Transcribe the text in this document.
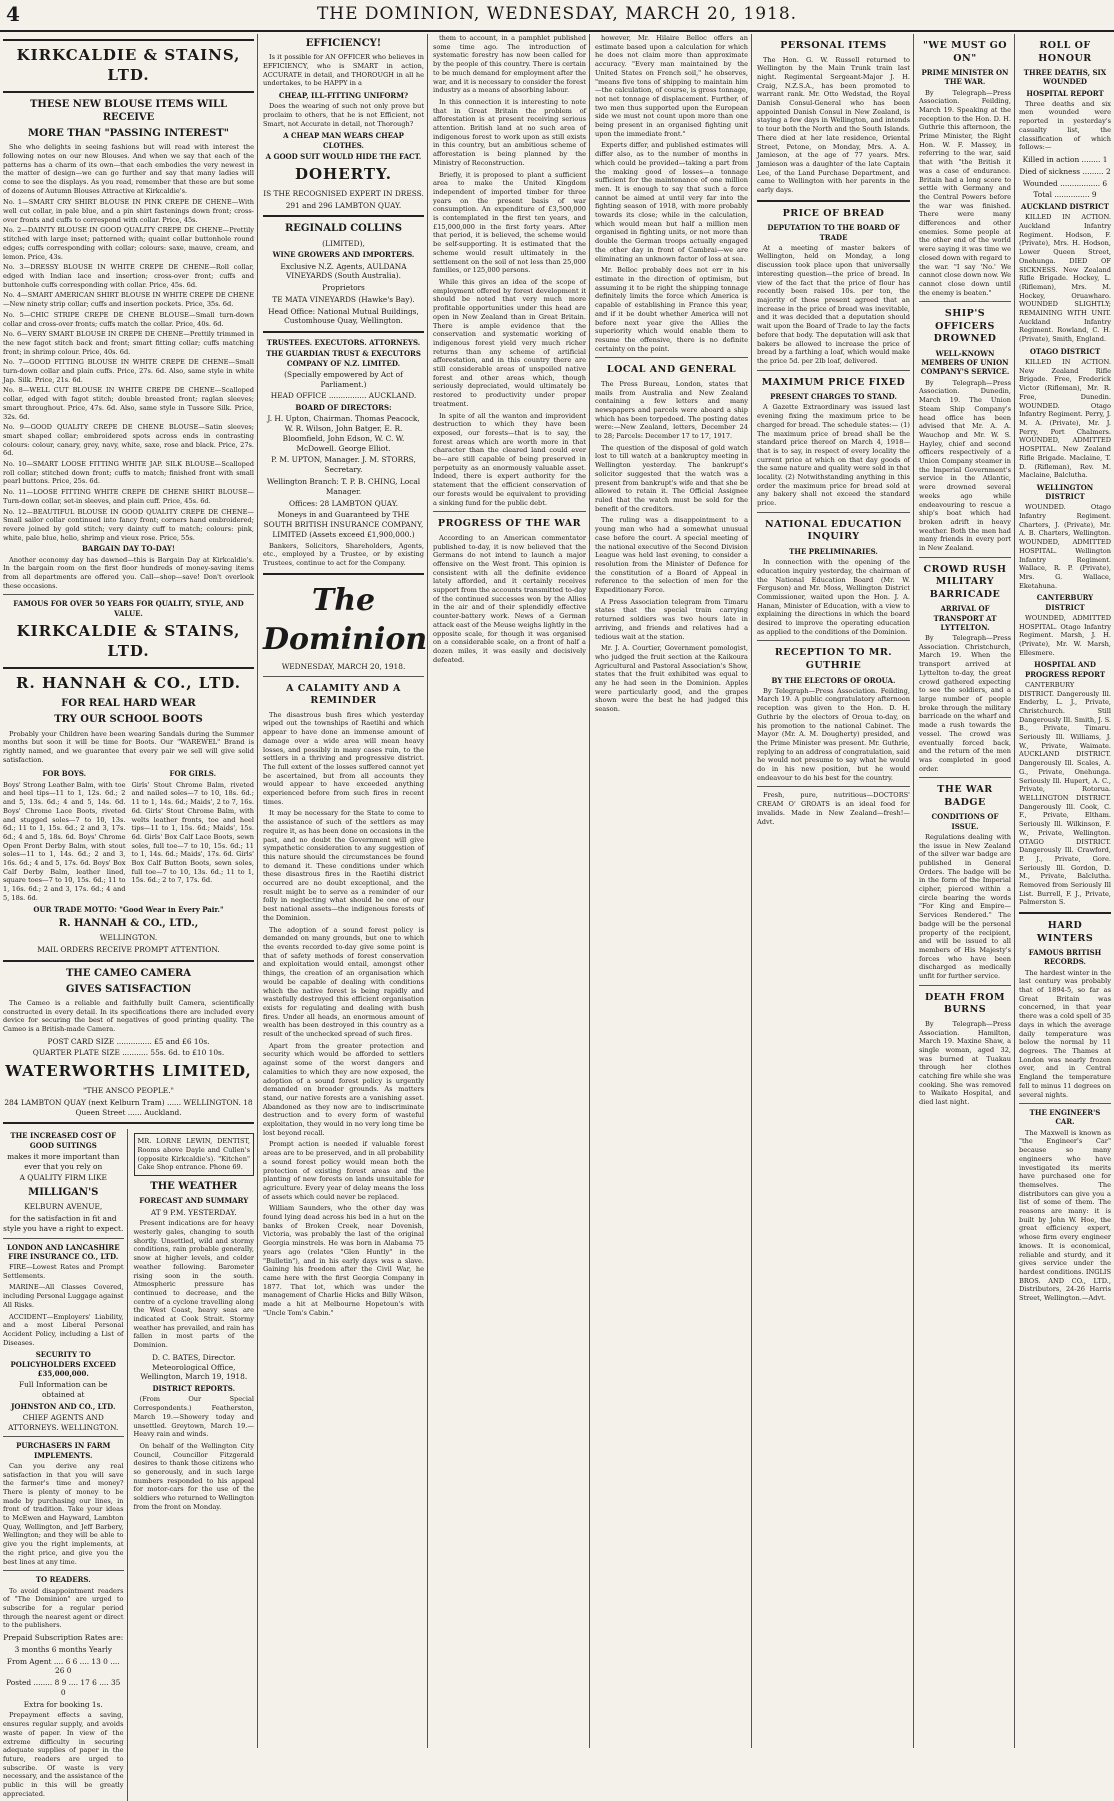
4	THE DOMINION, WEDNESDAY, MARCH 20, 1918.
KIRKCALDIE & STAINS, LTD.
THESE NEW BLOUSE ITEMS WILL RECEIVE
MORE THAN "PASSING INTEREST"

She who delights in seeing fashions but will read with interest the following notes on our new Blouses. And when we say that each of the patterns has a charm of its own—that each embodies the very newest in the matter of design—we can go further and say that many ladies will come to see the displays. As you read, remember that these are but some of dozens of Autumn Blouses Attractive at Kirkcaldie's.

No. 1—SMART CRY SHIRT BLOUSE IN PINK CREPE DE CHENE—With well cut collar, in pale blue, and a pin shirt fastenings down front; cross-over fronts and cuffs to correspond with collar. Price, 45s.
No. 2—DAINTY BLOUSE IN GOOD QUALITY CREPE DE CHENE—Prettily stitched with large inset; patterned with; quaint collar buttonhole round edges; cuffs corresponding with collar; colours: saxe, mauve, cream, and lemon. Price, 43s.
No. 3—DRESSY BLOUSE IN WHITE CREPE DE CHENE—Roll collar, edged with Indian lace and insertion; cross-over front; cuffs and buttonhole cuffs corresponding with collar. Price, 45s. 6d.
No. 4—SMART AMERICAN SHIRT BLOUSE IN WHITE CREPE DE CHENE—New ninety strip collar; cuffs and insertion pockets. Price, 35s. 6d.
No. 5—CHIC STRIPE CREPE DE CHENE BLOUSE—Small turn-down collar and cross-over fronts; cuffs match the collar. Price, 40s. 6d.
No. 6—VERY SMART BLOUSE IN CREPE DE CHENE—Prettily trimmed in the new fagot stitch back and front; smart fitting collar; cuffs matching front; in shrimp colour. Price, 40s. 6d.
No. 7—GOOD FITTING BLOUSE IN WHITE CREPE DE CHENE—Small turn-down collar and plain cuffs. Price, 27s. 6d. Also, same style in white Jap. Silk. Price, 21s. 6d.
No. 8—WELL CUT BLOUSE IN WHITE CREPE DE CHENE—Scalloped collar, edged with fagot stitch; double breasted front; raglan sleeves; smart throughout. Price, 47s. 6d. Also, same style in Tussore Silk. Price, 32s. 6d.
No. 9—GOOD QUALITY CREPE DE CHENE BLOUSE—Satin sleeves; smart shaped collar; embroidered spots across ends in contrasting colours: colour, canary, grey, navy, white, saxe, rose and black. Price, 27s. 6d.
No. 10—SMART LOOSE FITTING WHITE JAP. SILK BLOUSE—Scalloped roll collar; stitched down front; cuffs to match; finished front with small pearl buttons. Price, 25s. 6d.
No. 11—LOOSE FITTING WHITE CREPE DE CHENE SHIRT BLOUSE—Turn-down collar, set-in sleeves, and plain cuff. Price, 45s. 6d.
No. 12—BEAUTIFUL BLOUSE IN GOOD QUALITY CREPE DE CHENE—Small sailor collar continued into fancy front; corners hand embroidered; revere joined by gold stitch; very dainty cuff to match; colours: pink, white, pale blue, helio, shrimp and vieux rose. Price, 55s.
BARGAIN DAY TO-DAY!

Another economy day has dawned—this is Bargain Day at Kirkcaldie's. In the bargain room on the first floor hundreds of money-saving items from all departments are offered you. Call—shop—save! Don't overlook these occasions.

FAMOUS FOR OVER 50 YEARS FOR QUALITY, STYLE, AND VALUE.
KIRKCALDIE & STAINS, LTD.
R. HANNAH & CO., LTD.
FOR REAL HARD WEAR
TRY OUR SCHOOL BOOTS

Probably your Children have been wearing Sandals during the Summer months but soon it will be time for Boots. Our "WAREWEL" Brand is rightly named, and we guarantee that every pair we sell will give solid satisfaction.

FOR BOYS.
Boys' Strong Leather Balm, with toe and heel tips—11 to 1, 12s. 6d.; 2 and 5, 13s. 6d.; 4 and 5, 14s. 6d. Boys' Chrome Lace Boots, riveted and stugged soles—7 to 10, 13s. 6d.; 11 to 1, 15s. 6d.; 2 and 3, 17s. 6d.; 4 and 5, 18s. 6d. Boys' Chrome Open Front Derby Balm, with stout soles—11 to 1, 14s. 6d.; 2 and 3, 16s. 6d.; 4 and 5, 17s. 6d. Boys' Box Calf Derby Balm, leather lined, square toes—7 to 10, 15s. 6d.; 11 to 1, 16s. 6d.; 2 and 3, 17s. 6d.; 4 and 5, 18s. 6d.
FOR GIRLS.
Girls' Stout Chrome Balm, riveted and nailed soles—7 to 10, 18s. 6d.; 11 to 1, 14s. 6d.; Maids', 2 to 7, 16s. 6d. Girls' Stout Chrome Balm, with welts leather fronts, toe and heel tips—11 to 1, 15s. 6d.; Maids', 15s. 6d. Girls' Box Calf Lace Boots, sewn soles, full toe—7 to 10, 15s. 6d.; 11 to 1, 14s. 6d.; Maids', 17s. 6d. Girls' Box Calf Button Boots, sewn soles, full toe—7 to 10, 13s. 6d.; 11 to 1, 15s. 6d.; 2 to 7, 17s. 6d.
OUR TRADE MOTTO: "Good Wear in Every Pair."
R. HANNAH & CO., LTD.,
WELLINGTON.
MAIL ORDERS RECEIVE PROMPT ATTENTION.
THE CAMEO CAMERA
GIVES SATISFACTION

The Cameo is a reliable and faithfully built Camera, scientifically constructed in every detail. In its specifications there are included every device for securing the best of negatives of good printing quality. The Cameo is a British-made Camera.

POST CARD SIZE ............... £5 and £6 10s.
QUARTER PLATE SIZE ........... 55s. 6d. to £10 10s.
WATERWORTHS LIMITED,
"THE ANSCO PEOPLE."
284 LAMBTON QUAY (next Kelburn Tram) ...... WELLINGTON. 18 Queen Street ...... Auckland.
THE INCREASED COST OF GOOD SUITINGS
makes it more important than ever that you rely on
A QUALITY FIRM LIKE
MILLIGAN'S
KELBURN AVENUE,
for the satisfaction in fit and style you have a right to expect.
LONDON AND LANCASHIRE FIRE INSURANCE CO., LTD.

FIRE—Lowest Rates and Prompt Settlements.

MARINE—All Classes Covered, including Personal Luggage against All Risks.

ACCIDENT—Employers' Liability, and a most Liberal Personal Accident Policy, including a List of Diseases.

SECURITY TO POLICYHOLDERS EXCEED £35,000,000.
Full Information can be obtained at
JOHNSTON AND CO., LTD.
CHIEF AGENTS AND ATTORNEYS. WELLINGTON.
PURCHASERS IN FARM IMPLEMENTS.

Can you derive any real satisfaction in that you will save the farmer's time and money? There is plenty of money to be made by purchasing our lines, in front of tradition. Take your ideas to McEwen and Hayward, Lambton Quay, Wellington, and Jeff Barbery, Wellington; and they will be able to give you the right implements, at the right price, and give you the best lines at any time.

TO READERS.

To avoid disappointment readers of "The Dominion" are urged to subscribe for a regular period through the nearest agent or direct to the publishers.

Prepaid Subscription Rates are:
3 months 6 months Yearly
From Agent .... 6 6 .... 13 0 .... 26 0
Posted ........ 8 9 .... 17 6 .... 35 0
Extra for booking 1s.

Prepayment effects a saving, ensures regular supply, and avoids waste of paper. In view of the extreme difficulty in securing adequate supplies of paper in the future, readers are urged to subscribe. Of waste is very necessary, and the assistance of the public in this will be greatly appreciated.

MR. LORNE LEWIN, DENTIST, Rooms above Dayle and Cullen's (opposite Kirkcaldie's). "Kitchen" Cake Shop entrance. Phone 69.
THE WEATHER
FORECAST AND SUMMARY
AT 9 P.M. YESTERDAY.

Present indications are for heavy westerly gales, changing to south shortly. Unsettled, wild and stormy conditions, rain probable generally, snow at higher levels, and colder weather following. Barometer rising soon in the south. Atmospheric pressure has continued to decrease, and the centre of a cyclone travelling along the West Coast, heavy seas are indicated at Cook Strait. Stormy weather has prevailed, and rain has fallen in most parts of the Dominion.

D. C. BATES, Director. Meteorological Office, Wellington, March 19, 1918.
DISTRICT REPORTS.

(From Our Special Correspondents.) Featherston, March 19.—Showery today and unsettled. Greytown, March 19.—Heavy rain and winds.

On behalf of the Wellington City Council, Councillor Fitzgerald desires to thank those citizens who so generously, and in such large numbers responded to his appeal for motor-cars for the use of the soldiers who returned to Wellington from the front on Monday.

EFFICIENCY!

Is it possible for AN OFFICER who believes in EFFICIENCY, who is SMART in action, ACCURATE in detail, and THOROUGH in all he undertakes, to be HAPPY in a

CHEAP, ILL-FITTING UNIFORM?

Does the wearing of such not only prove but proclaim to others, that he is not Efficient, not Smart, not Accurate in detail, not Thorough?

A CHEAP MAN WEARS CHEAP CLOTHES.
A GOOD SUIT WOULD HIDE THE FACT.
DOHERTY.
IS THE RECOGNISED EXPERT IN DRESS.
291 and 296 LAMBTON QUAY.
REGINALD COLLINS
(LIMITED),
WINE GROWERS AND IMPORTERS.
Exclusive N.Z. Agents, AULDANA VINEYARDS (South Australia).
Proprietors
TE MATA VINEYARDS (Hawke's Bay).
Head Office: National Mutual Buildings, Customhouse Quay, Wellington.
TRUSTEES. EXECUTORS. ATTORNEYS.
THE GUARDIAN TRUST & EXECUTORS COMPANY OF N.Z. LIMITED.
(Specially empowered by Act of Parliament.)
HEAD OFFICE ................ AUCKLAND.
BOARD OF DIRECTORS:
J. H. Upton, Chairman. Thomas Peacock, W. R. Wilson, John Batger, E. R. Bloomfield, John Edson, W. C. W. McDowell. George Elliot.
P. M. UPTON, Manager. J. M. STORRS, Secretary.
Wellington Branch: T. P. B. CHING, Local Manager.
Offices: 28 LAMBTON QUAY.
Moneys in and Guaranteed by THE SOUTH BRITISH INSURANCE COMPANY, LIMITED (Assets exceed £1,900,000.)

Bankers, Solicitors, Shareholders, Agents, etc., employed by a Trustee, or by existing Trustees, continue to act for the Company.

The Dominion
WEDNESDAY, MARCH 20, 1918.
A CALAMITY AND A REMINDER

The disastrous bush fires which yesterday wiped out the townships of Raetihi and which appear to have done an immense amount of damage over a wide area will mean heavy losses, and possibly in many cases ruin, to the settlers in a thriving and progressive district. The full extent of the losses suffered cannot yet be ascertained, but from all accounts they would appear to have exceeded anything experienced before from such fires in recent times.

It may be necessary for the State to come to the assistance of such of the settlers as may require it, as has been done on occasions in the past, and no doubt the Government will give sympathetic consideration to any suggestion of this nature should the circumstances be found to demand it. These conditions under which these disastrous fires in the Raetihi district occurred are no doubt exceptional, and the result might be to serve as a reminder of our folly in neglecting what should be one of our best national assets—the indigenous forests of the Dominion.

The adoption of a sound forest policy is demanded on many grounds, but one to which the events recorded to-day give some point is that of safety methods of forest conservation and exploitation would entail, amongst other things, the creation of an organisation which would be capable of dealing with conditions which the native forest is being rapidly and wastefully destroyed this efficient organisation exists for regulating and dealing with bush fires. Under all heads, an enormous amount of wealth has been destroyed in this country as a result of the unchecked spread of such fires.

Apart from the greater protection and security which would be afforded to settlers against some of the worst dangers and calamities to which they are now exposed, the adoption of a sound forest policy is urgently demanded on broader grounds. As matters stand, our native forests are a vanishing asset. Abandoned as they now are to indiscriminate destruction and to every form of wasteful exploitation, they would in no very long time be lost beyond recall.

Prompt action is needed if valuable forest areas are to be preserved, and in all probability a sound forest policy would mean both the protection of existing forest areas and the planting of new forests on lands unsuitable for agriculture. Every year of delay means the loss of assets which could never be replaced.

William Saunders, who the other day was found lying dead across his bed in a hut on the banks of Broken Creek, near Dovenish, Victoria, was probably the last of the original Georgia minstrels. He was born in Alabama 75 years ago (relates "Glen Huntly" in the "Bulletin"), and in his early days was a slave. Gaining his freedom after the Civil War, he came here with the first Georgia Company in 1877. That lot, which was under the management of Charlie Hicks and Billy Wilson, made a hit at Melbourne Hopetoun's with "Uncle Tom's Cabin."

them to account, in a pamphlet published some time ago. The introduction of systematic forestry has now been called for by the people of this country. There is certain to be much demand for employment after the war, and it is necessary to consider the forest industry as a means of absorbing labour.

In this connection it is interesting to note that in Great Britain the problem of afforestation is at present receiving serious attention. British land at no such area of indigenous forest to work upon as still exists in this country, but an ambitious scheme of afforestation is being planned by the Ministry of Reconstruction.

Briefly, it is proposed to plant a sufficient area to make the United Kingdom independent of imported timber for three years on the present basis of war consumption. An expenditure of £3,500,000 is contemplated in the first ten years, and £15,000,000 in the first forty years. After that period, it is believed, the scheme would be self-supporting. It is estimated that the scheme would result ultimately in the settlement on the soil of not less than 25,000 families, or 125,000 persons.

While this gives an idea of the scope of employment offered by forest development it should be noted that very much more profitable opportunities under this head are open in New Zealand than in Great Britain. There is ample evidence that the conservation and systematic working of indigenous forest yield very much richer returns than any scheme of artificial afforestation, and in this country there are still considerable areas of unspoiled native forest and other areas which, though seriously depreciated, would ultimately be restored to productivity under proper treatment.

In spite of all the wanton and improvident destruction to which they have been exposed, our forests—that is to say, the forest areas which are worth more in that character than the cleared land could ever be—are still capable of being preserved in perpetuity as an enormously valuable asset. Indeed, there is expert authority for the statement that the efficient conservation of our forests would be equivalent to providing a sinking fund for the public debt.

PROGRESS OF THE WAR

According to an American commentator published to-day, it is now believed that the Germans do not intend to launch a major offensive on the West front. This opinion is consistent with all the definite evidence lately afforded, and it certainly receives support from the accounts transmitted to-day of the continued successes won by the Allies in the air and of their splendidly effective counter-battery work. News of a German attack east of the Meuse weighs lightly in the opposite scale, for though it was organised on a considerable scale, on a front of half a dozen miles, it was easily and decisively defeated.

however, Mr. Hilaire Belloc offers an estimate based upon a calculation for which he does not claim more than approximate accuracy. "Every man maintained by the United States on French soil," he observes, "means five tons of shipping to maintain him—the calculation, of course, is gross tonnage, not net tonnage of displacement. Further, of two men thus supported upon the European side we must not count upon more than one being present in an organised fighting unit upon the immediate front."

Experts differ, and published estimates will differ also, as to the number of months in which could be provided—taking a part from the making good of losses—a tonnage sufficient for the maintenance of one million men. It is enough to say that such a force cannot be aimed at until very far into the fighting season of 1918, with more probably towards its close; while in the calculation, which would mean but half a million men organised in fighting units, or not more than double the German troops actually engaged the other day in front of Cambrai—we are eliminating an unknown factor of loss at sea.

Mr. Belloc probably does not err in his estimate in the direction of optimism, but assuming it to be right the shipping tonnage definitely limits the force which America is capable of establishing in France this year, and if it be doubt whether America will not before next year give the Allies the superiority which would enable them to resume the offensive, there is no definite certainty on the point.

LOCAL AND GENERAL

The Press Bureau, London, states that mails from Australia and New Zealand containing a few letters and many newspapers and parcels were aboard a ship which has been torpedoed. The posting dates were:—New Zealand, letters, December 24 to 28; Parcels: December 17 to 17, 1917.

The question of the disposal of gold watch lost to till watch at a bankruptcy meeting in Wellington yesterday. The bankrupt's solicitor suggested that the watch was a present from bankrupt's wife and that she be allowed to retain it. The Official Assignee ruled that the watch must be sold for the benefit of the creditors.

The ruling was a disappointment to a young man who had a somewhat unusual case before the court. A special meeting of the national executive of the Second Division League was held last evening, to consider a resolution from the Minister of Defence for the constitution of a Board of Appeal in reference to the selection of men for the Expeditionary Force.

A Press Association telegram from Timaru states that the special train carrying returned soldiers was two hours late in arriving, and friends and relatives had a tedious wait at the station.

Mr. J. A. Courtier, Government pomologist, who judged the fruit section at the Kaikoura Agricultural and Pastoral Association's Show, states that the fruit exhibited was equal to any he had seen in the Dominion. Apples were particularly good, and the grapes shown were the best he had judged this season.

PERSONAL ITEMS

The Hon. G. W. Russell returned to Wellington by the Main Trunk train last night. Regimental Sergeant-Major J. H. Craig, N.Z.S.A., has been promoted to warrant rank. Mr. Otto Wedstad, the Royal Danish Consul-General who has been appointed Danish Consul in New Zealand, is staying a few days in Wellington, and intends to tour both the North and the South Islands. There died at her late residence, Oriental Street, Petone, on Monday, Mrs. A. A. Jamieson, at the age of 77 years. Mrs. Jamieson was a daughter of the late Captain Lee, of the Land Purchase Department, and came to Wellington with her parents in the early days.

PRICE OF BREAD
DEPUTATION TO THE BOARD OF TRADE

At a meeting of master bakers of Wellington, held on Monday, a long discussion took place upon that universally interesting question—the price of bread. In view of the fact that the price of flour has recently been raised 10s. per ton, the majority of those present agreed that an increase in the price of bread was inevitable, and it was decided that a deputation should wait upon the Board of Trade to lay the facts before that body. The deputation will ask that bakers be allowed to increase the price of bread by a farthing a loaf, which would make the price 5d. per 2lb loaf, delivered.

MAXIMUM PRICE FIXED
PRESENT CHARGES TO STAND.

A Gazette Extraordinary was issued last evening fixing the maximum price to be charged for bread. The schedule states:— (1) The maximum price of bread shall be the standard price thereof on March 4, 1918—that is to say, in respect of every locality the current price at which on that day goods of the same nature and quality were sold in that locality. (2) Notwithstanding anything in this order the maximum price for bread sold at any bakery shall not exceed the standard price.

NATIONAL EDUCATION INQUIRY
THE PRELIMINARIES.

In connection with the opening of the education inquiry yesterday, the chairman of the National Education Board (Mr. W. Ferguson) and Mr. Moss, Wellington District Commissioner, waited upon the Hon. J. A. Hanan, Minister of Education, with a view to explaining the directions in which the board desired to improve the operating education as applied to the conditions of the Dominion.

RECEPTION TO MR. GUTHRIE
BY THE ELECTORS OF OROUA.

By Telegraph—Press Association. Feilding, March 19. A public congratulatory afternoon reception was given to the Hon. D. H. Guthrie by the electors of Oroua to-day, on his promotion to the national Cabinet. The Mayor (Mr. A. M. Dougherty) presided, and the Prime Minister was present. Mr. Guthrie, replying to an address of congratulation, said he would not presume to say what he would do in his new position, but he would endeavour to do his best for the country.

Fresh, pure, nutritious—DOCTORS' CREAM O' GROATS is an ideal food for invalids. Made in New Zealand—fresh!—Advt.

"WE MUST GO ON"
PRIME MINISTER ON THE WAR.

By Telegraph—Press Association. Feilding, March 19. Speaking at the reception to the Hon. D. H. Guthrie this afternoon, the Prime Minister, the Right Hon. W. F. Massey, in referring to the war, said that with "the British it was a case of endurance. Britain had a long score to settle with Germany and the Central Powers before the war was finished. There were many differences and other enemies. Some people at the other end of the world were saying it was time we closed down with regard to the war. "I say 'No.' We cannot close down now. We cannot close down until the enemy is beaten."

SHIP'S OFFICERS DROWNED
WELL-KNOWN MEMBERS OF UNION COMPANY'S SERVICE.

By Telegraph—Press Association. Dunedin, March 19. The Union Steam Ship Company's head office has been advised that Mr. A. A. Wauchop and Mr. W. S. Hayley, chief and second officers respectively of a Union Company steamer in the Imperial Government's service in the Atlantic, were drowned several weeks ago while endeavouring to rescue a ship's boat which had broken adrift in heavy weather. Both the men had many friends in every port in New Zealand.

CROWD RUSH MILITARY BARRICADE
ARRIVAL OF TRANSPORT AT LYTTELTON.

By Telegraph—Press Association. Christchurch, March 19. When the transport arrived at Lyttelton to-day, the great crowd gathered expecting to see the soldiers, and a large number of people broke through the military barricade on the wharf and made a rush towards the vessel. The crowd was eventually forced back, and the return of the men was completed in good order.

THE WAR BADGE
CONDITIONS OF ISSUE.

Regulations dealing with the issue in New Zealand of the silver war badge are published in General Orders. The badge will be in the form of the Imperial cipher, pierced within a circle bearing the words "For King and Empire—Services Rendered." The badge will be the personal property of the recipient, and will be issued to all members of His Majesty's forces who have been discharged as medically unfit for further service.

DEATH FROM BURNS

By Telegraph—Press Association. Hamilton, March 19. Maxine Shaw, a single woman, aged 32, was burned at Tuakau through her clothes catching fire while she was cooking. She was removed to Waikato Hospital, and died last night.

ROLL OF HONOUR
THREE DEATHS, SIX WOUNDED
HOSPITAL REPORT

Three deaths and six men wounded were reported in yesterday's casualty list, the classification of which follows:—

Killed in action ........ 1
Died of sickness ......... 2
Wounded ................. 6
Total ............... 9
AUCKLAND DISTRICT

KILLED IN ACTION. Auckland Infantry Regiment. Hodson, F. (Private), Mrs. H. Hodson, Lower Queen Street, Onehunga. DIED OF SICKNESS. New Zealand Rifle Brigade. Hockey, L. (Rifleman), Mrs. M. Hockey, Oruawharo. WOUNDED SLIGHTLY; REMAINING WITH UNIT. Auckland Infantry Regiment. Rowland, C. H. (Private), Smith, England.

OTAGO DISTRICT

KILLED IN ACTION. New Zealand Rifle Brigade. Free, Frederick Victor (Rifleman), Mr. R. Free, Dunedin. WOUNDED. Otago Infantry Regiment. Perry, J. M. A. (Private), Mr. J. Perry, Port Chalmers. WOUNDED, ADMITTED HOSPITAL. New Zealand Rifle Brigade. Maclaine, T. D. (Rifleman), Rev. M. Maclaine, Balclutha.

WELLINGTON DISTRICT

WOUNDED. Otago Infantry Regiment. Charters, J. (Private), Mr. A. B. Charters, Wellington. WOUNDED, ADMITTED HOSPITAL. Wellington Infantry Regiment. Wallace, R. P. (Private), Mrs. G. Wallace, Eketahuna.

CANTERBURY DISTRICT

WOUNDED, ADMITTED HOSPITAL. Otago Infantry Regiment. Marsh, J. H. (Private), Mr. W. Marsh, Ellesmere.

HOSPITAL AND PROGRESS REPORT

CANTERBURY DISTRICT. Dangerously Ill. Enderby, L. J., Private, Christchurch. Still Dangerously Ill. Smith, J. S. B., Private, Timaru. Seriously Ill. Williams, J. W., Private, Waimate. AUCKLAND DISTRICT. Dangerously Ill. Scales, A. G., Private, Onehunga. Seriously Ill. Hupert, A. C., Private, Rotorua. WELLINGTON DISTRICT. Dangerously Ill. Cook, C. F., Private, Eltham. Seriously Ill. Wilkinson, F. W., Private, Wellington. OTAGO DISTRICT. Dangerously Ill. Crawford, P. J., Private, Gore. Seriously Ill. Gordon, D. M., Private, Balclutha. Removed from Seriously Ill List. Burrell, F. J., Private, Palmerston S.

HARD WINTERS
FAMOUS BRITISH RECORDS.

The hardest winter in the last century was probably that of 1894-5, so far as Great Britain was concerned, in that year there was a cold spell of 35 days in which the average daily temperature was below the normal by 11 degrees. The Thames at London was nearly frozen over, and in Central England the temperature fell to minus 11 degrees on several nights.

THE ENGINEER'S CAR.

The Maxwell is known as "the Engineer's Car" because so many engineers who have investigated its merits have purchased one for themselves. The distributors can give you a list of some of them. The reasons are many: it is built by John W. Hoe, the great efficiency expert, whose firm every engineer knows. It is economical, reliable and sturdy, and it gives service under the hardest conditions. INGLIS BROS. AND CO., LTD., Distributors, 24-26 Harris Street, Wellington.—Advt.
